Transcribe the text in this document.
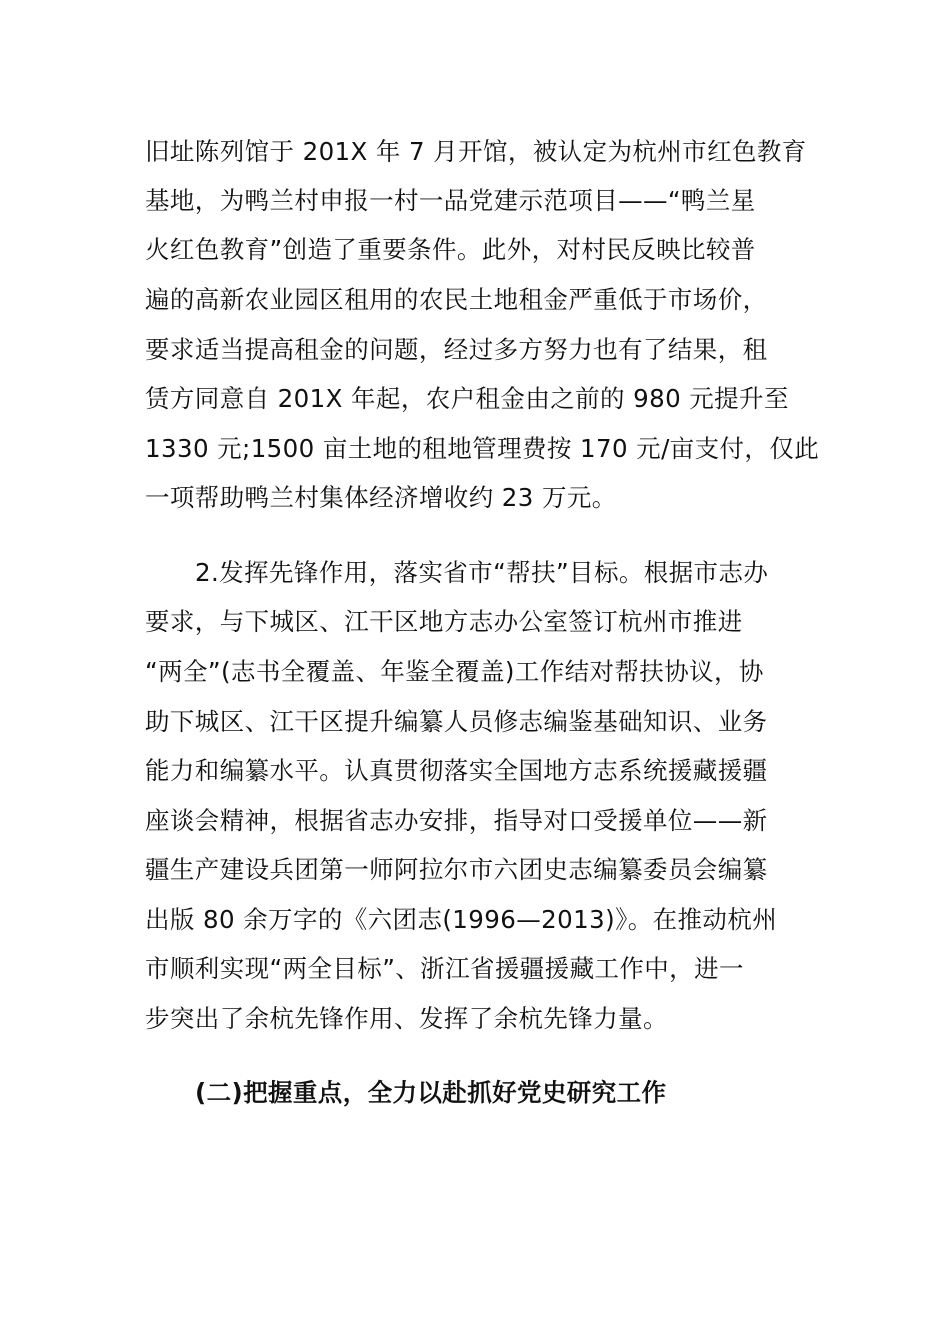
旧址陈列馆于 201X 年 7 月开馆，被认定为杭州市红色教育
基地，为鸭兰村申报一村一品党建示范项目——“鸭兰星
火红色教育”创造了重要条件。此外，对村民反映比较普
遍的高新农业园区租用的农民土地租金严重低于市场价，
要求适当提高租金的问题，经过多方努力也有了结果，租
赁方同意自 201X 年起，农户租金由之前的 980 元提升至
1330 元;1500 亩土地的租地管理费按 170 元/亩支付，仅此
一项帮助鸭兰村集体经济增收约 23 万元。
2.发挥先锋作用，落实省市“帮扶”目标。根据市志办
要求，与下城区、江干区地方志办公室签订杭州市推进
“两全”(志书全覆盖、年鉴全覆盖)工作结对帮扶协议，协
助下城区、江干区提升编纂人员修志编鉴基础知识、业务
能力和编纂水平。认真贯彻落实全国地方志系统援藏援疆
座谈会精神，根据省志办安排，指导对口受援单位——新
疆生产建设兵团第一师阿拉尔市六团史志编纂委员会编纂
出版 80 余万字的《六团志(1996—2013)》。在推动杭州
市顺利实现“两全目标”、浙江省援疆援藏工作中，进一
步突出了余杭先锋作用、发挥了余杭先锋力量。
(二)把握重点，全力以赴抓好党史研究工作
